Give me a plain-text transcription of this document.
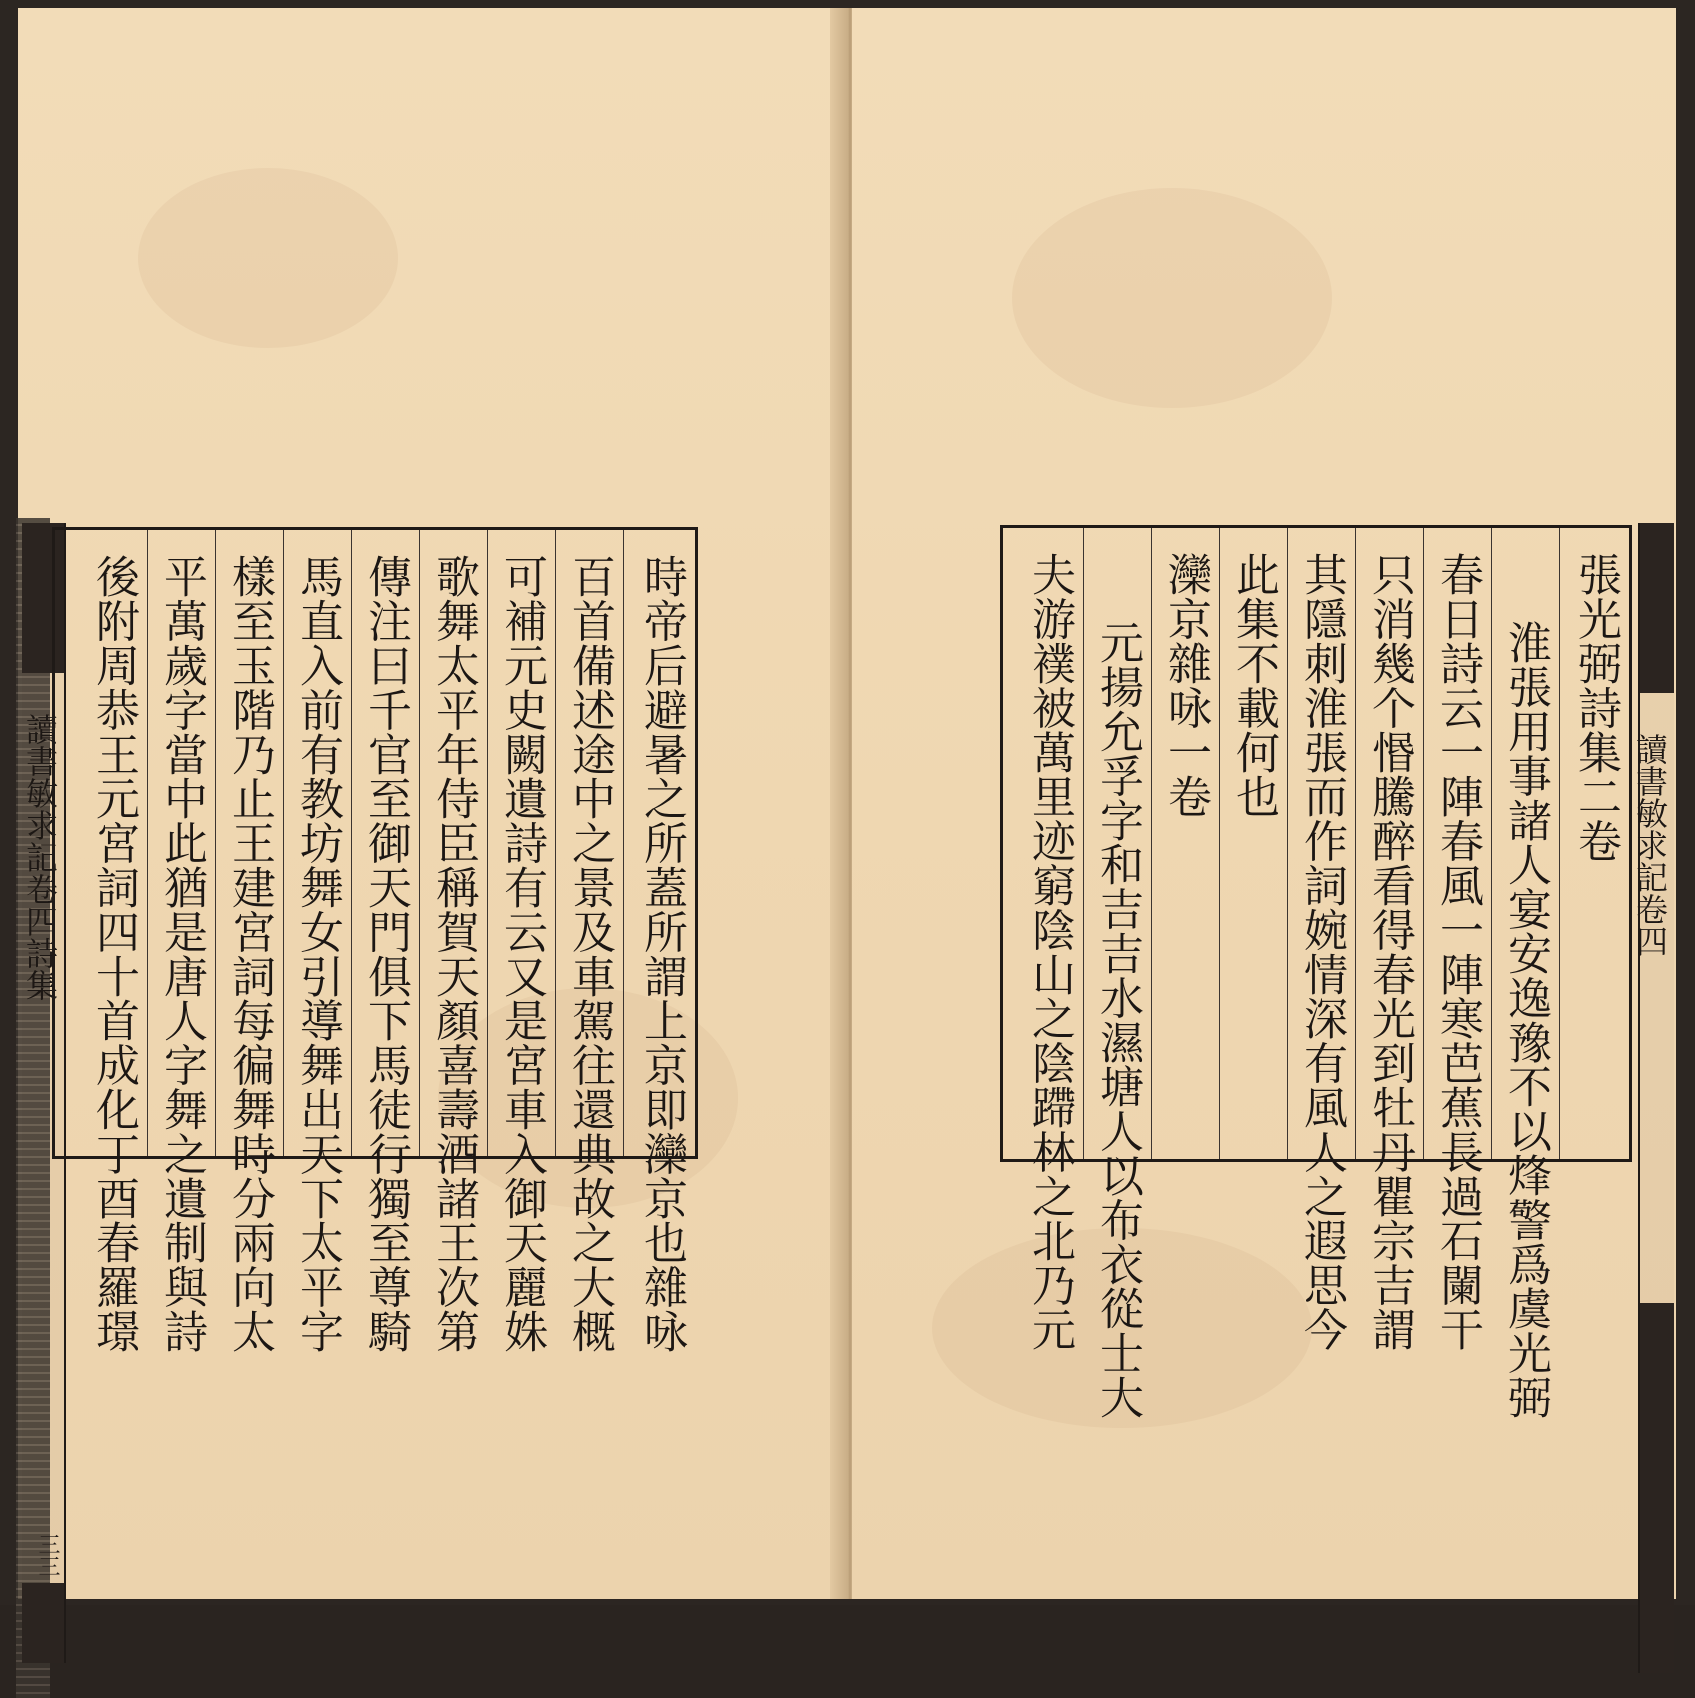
讀書敏求記卷四詩集
三三
時帝后避暑之所蓋所謂上京即灤京也雜咏
百首備述途中之景及車駕往還典故之大概
可補元史闕遺詩有云又是宮車入御天麗姝
歌舞太平年侍臣稱賀天顏喜壽酒諸王次第
傳注曰千官至御天門俱下馬徒行獨至尊騎
馬直入前有教坊舞女引導舞出天下太平字
樣至玉階乃止王建宮詞每徧舞時分兩向太
平萬歲字當中此猶是唐人字舞之遺制與詩
後附周恭王元宮詞四十首成化丁酉春羅璟	張光弼詩集二卷
淮張用事諸人宴安逸豫不以烽警爲虞光弼
春日詩云一陣春風一陣寒芭蕉長過石闌干
只消幾个惽騰醉看得春光到牡丹瞿宗吉謂
其隱刺淮張而作詞婉情深有風人之遐思今
此集不載何也
灤京雜咏一卷
元揚允孚字和吉吉水濕塘人以布衣從士大
夫游襆被萬里迹窮陰山之陰蹛林之北乃元	讀書敏求記卷四
